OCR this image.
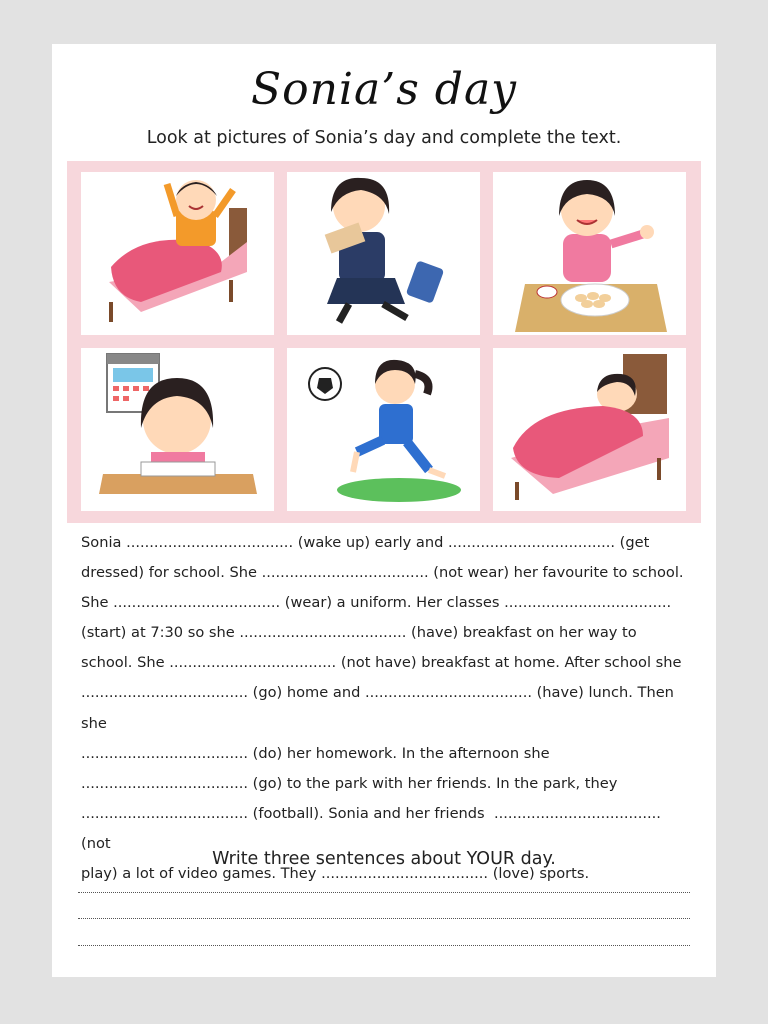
Sonia’s day
Look at pictures of Sonia’s day and complete the text.
Sonia .................................... (wake up) early and .................................... (get
dressed) for school. She .................................... (not wear) her favourite to school.
She .................................... (wear) a uniform. Her classes ....................................
(start) at 7:30 so she .................................... (have) breakfast on her way to
school. She .................................... (not have) breakfast at home. After school she
.................................... (go) home and .................................... (have) lunch. Then she
.................................... (do) her homework. In the afternoon she
.................................... (go) to the park with her friends. In the park, they
.................................... (football). Sonia and her friends  .................................... (not
play) a lot of video games. They .................................... (love) sports.
Write three sentences about YOUR day.
